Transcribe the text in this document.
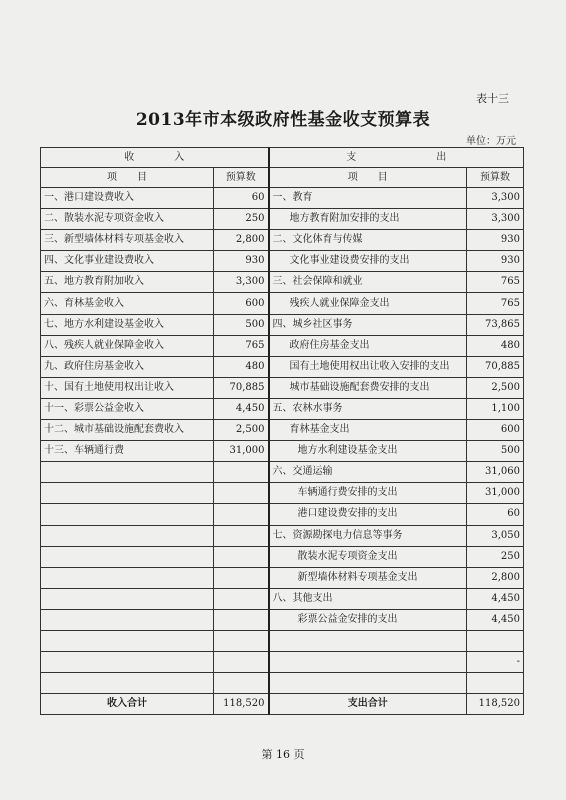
表十三
2013年市本级政府性基金收支预算表
单位：万元
收　　　　入		支　　　　　　　　出	
项　　目	预算数	项　　目	预算数
一、港口建设费收入	60	一、教育	3,300
二、散装水泥专项资金收入	250	地方教育附加安排的支出	3,300
三、新型墙体材料专项基金收入	2,800	二、文化体育与传媒	930
四、文化事业建设费收入	930	文化事业建设费安排的支出	930
五、地方教育附加收入	3,300	三、社会保障和就业	765
六、育林基金收入	600	残疾人就业保障金支出	765
七、地方水利建设基金收入	500	四、城乡社区事务	73,865
八、残疾人就业保障金收入	765	政府住房基金支出	480
九、政府住房基金收入	480	国有土地使用权出让收入安排的支出	70,885
十、国有土地使用权出让收入	70,885	城市基础设施配套费安排的支出	2,500
十一、彩票公益金收入	4,450	五、农林水事务	1,100
十二、城市基础设施配套费收入	2,500	育林基金支出	600
十三、车辆通行费	31,000	地方水利建设基金支出	500
		六、交通运输	31,060
		车辆通行费安排的支出	31,000
		港口建设费安排的支出	60
		七、资源勘探电力信息等事务	3,050
		散装水泥专项资金支出	250
		新型墙体材料专项基金支出	2,800
		八、其他支出	4,450
		彩票公益金安排的支出	4,450

			-

收入合计	118,520	支出合计	118,520
第 16 页
